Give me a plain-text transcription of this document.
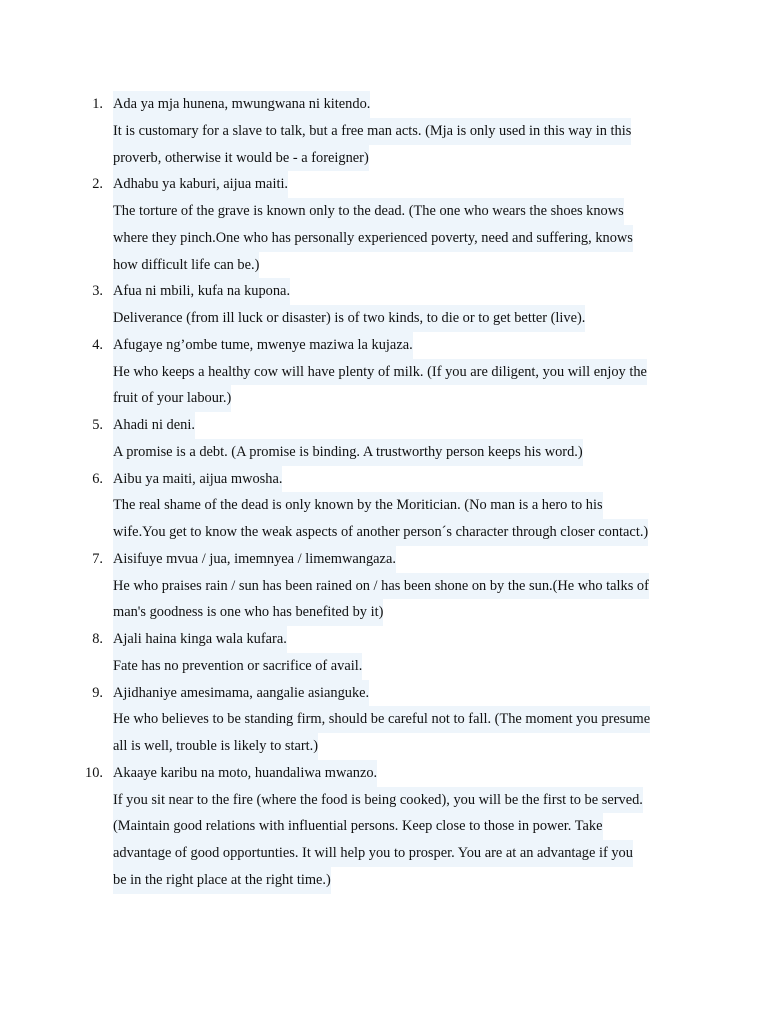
1. Ada ya mja hunena, mwungwana ni kitendo.
It is customary for a slave to talk, but a free man acts. (Mja is only used in this way in this
proverb, otherwise it would be - a foreigner)
2. Adhabu ya kaburi, aijua maiti.
The torture of the grave is known only to the dead. (The one who wears the shoes knows
where they pinch.One who has personally experienced poverty, need and suffering, knows
how difficult life can be.)
3. Afua ni mbili, kufa na kupona.
Deliverance (from ill luck or disaster) is of two kinds, to die or to get better (live).
4. Afugaye ng’ombe tume, mwenye maziwa la kujaza.
He who keeps a healthy cow will have plenty of milk. (If you are diligent, you will enjoy the
fruit of your labour.)
5. Ahadi ni deni.
A promise is a debt. (A promise is binding. A trustworthy person keeps his word.)
6. Aibu ya maiti, aijua mwosha.
The real shame of the dead is only known by the Moritician. (No man is a hero to his
wife.You get to know the weak aspects of another person´s character through closer contact.)
7. Aisifuye mvua / jua, imemnyea / limemwangaza.
He who praises rain / sun has been rained on / has been shone on by the sun.(He who talks of
man's goodness is one who has benefited by it)
8. Ajali haina kinga wala kufara.
Fate has no prevention or sacrifice of avail.
9. Ajidhaniye amesimama, aangalie asianguke.
He who believes to be standing firm, should be careful not to fall. (The moment you presume
all is well, trouble is likely to start.)
10. Akaaye karibu na moto, huandaliwa mwanzo.
If you sit near to the fire (where the food is being cooked), you will be the first to be served.
(Maintain good relations with influential persons. Keep close to those in power. Take
advantage of good opportunties. It will help you to prosper. You are at an advantage if you
be in the right place at the right time.)
